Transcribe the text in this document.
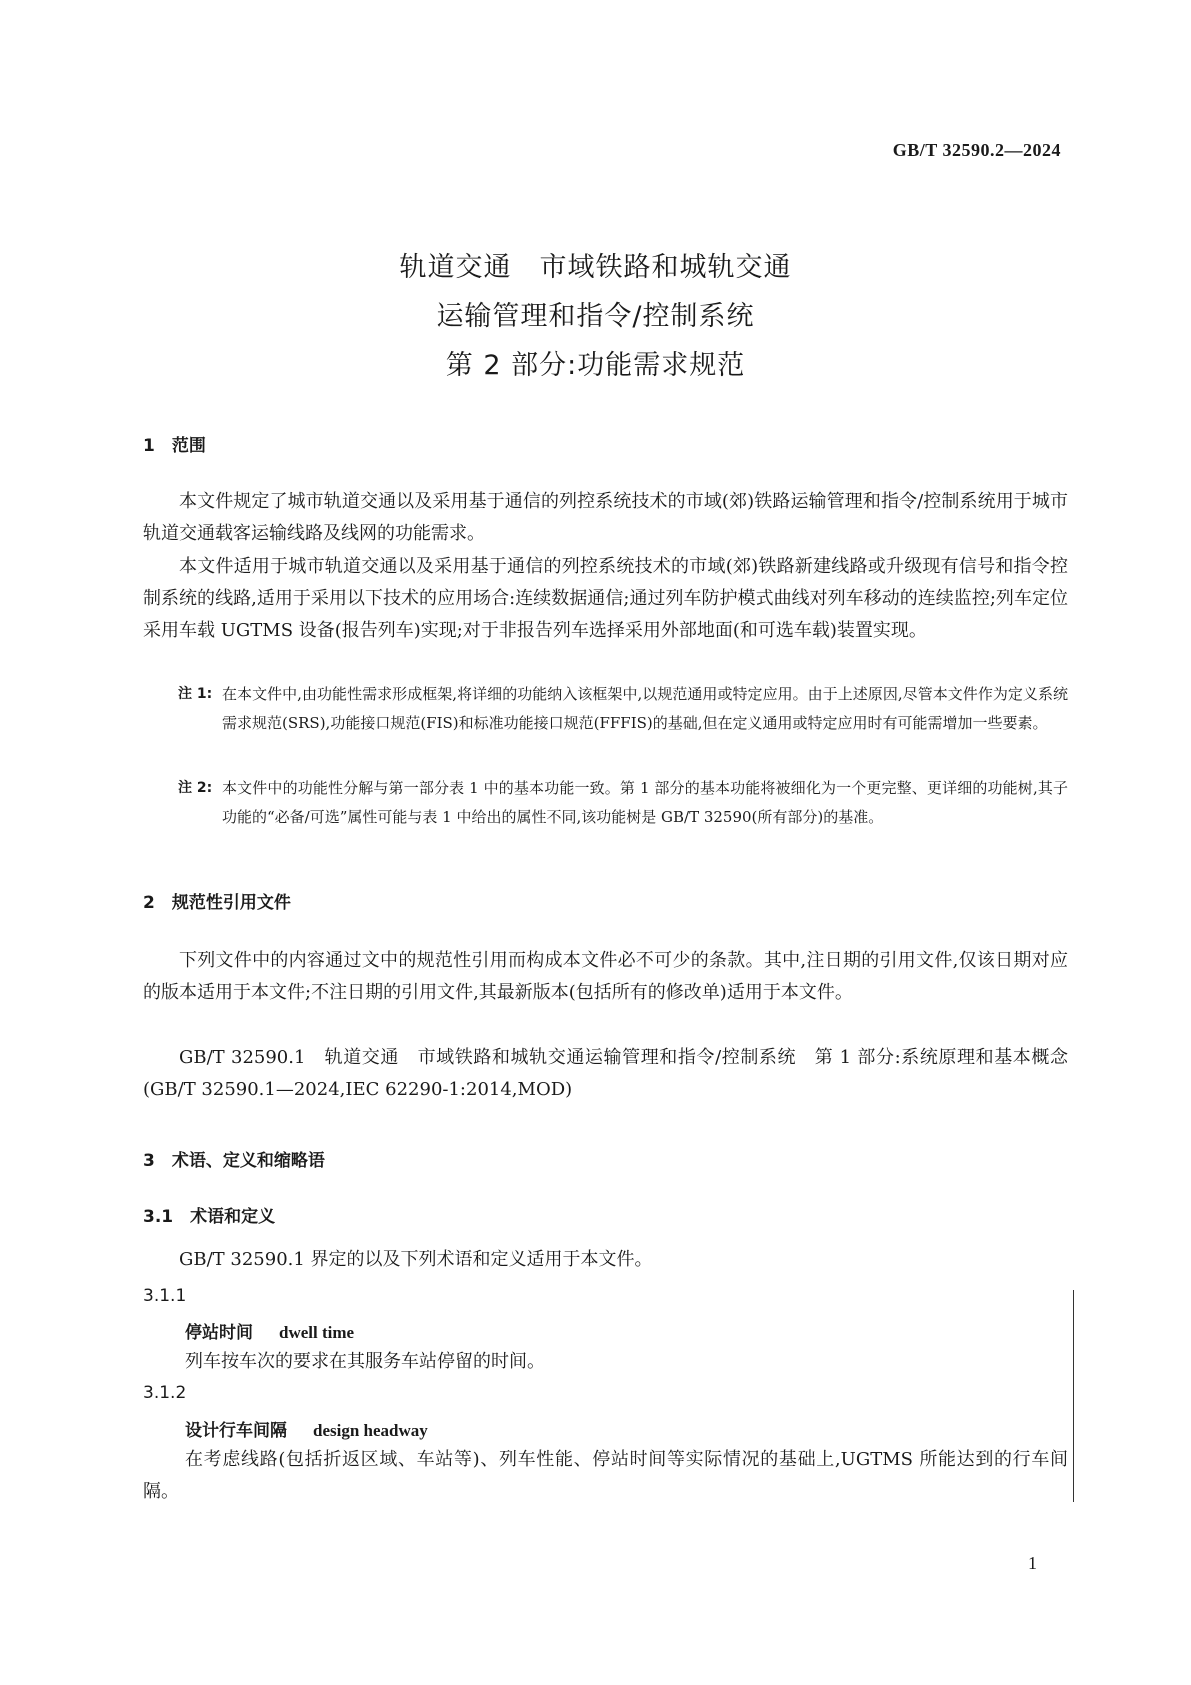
GB/T 32590.2—2024
轨道交通　市域铁路和城轨交通
运输管理和指令/控制系统
第 2 部分:功能需求规范
1　范围
本文件规定了城市轨道交通以及采用基于通信的列控系统技术的市域(郊)铁路运输管理和指令/控制系统用于城市轨道交通载客运输线路及线网的功能需求。
本文件适用于城市轨道交通以及采用基于通信的列控系统技术的市域(郊)铁路新建线路或升级现有信号和指令控制系统的线路,适用于采用以下技术的应用场合:连续数据通信;通过列车防护模式曲线对列车移动的连续监控;列车定位采用车载 UGTMS 设备(报告列车)实现;对于非报告列车选择采用外部地面(和可选车载)装置实现。
注 1: 在本文件中,由功能性需求形成框架,将详细的功能纳入该框架中,以规范通用或特定应用。由于上述原因,尽管本文件作为定义系统需求规范(SRS),功能接口规范(FIS)和标准功能接口规范(FFFIS)的基础,但在定义通用或特定应用时有可能需增加一些要素。
注 2: 本文件中的功能性分解与第一部分表 1 中的基本功能一致。第 1 部分的基本功能将被细化为一个更完整、更详细的功能树,其子功能的“必备/可选”属性可能与表 1 中给出的属性不同,该功能树是 GB/T 32590(所有部分)的基准。
2　规范性引用文件
下列文件中的内容通过文中的规范性引用而构成本文件必不可少的条款。其中,注日期的引用文件,仅该日期对应的版本适用于本文件;不注日期的引用文件,其最新版本(包括所有的修改单)适用于本文件。
GB/T 32590.1　轨道交通　市域铁路和城轨交通运输管理和指令/控制系统　第 1 部分:系统原理和基本概念(GB/T 32590.1—2024,IEC 62290-1:2014,MOD)
3　术语、定义和缩略语
3.1　术语和定义
GB/T 32590.1 界定的以及下列术语和定义适用于本文件。
3.1.1
停站时间 dwell time
列车按车次的要求在其服务车站停留的时间。
3.1.2
设计行车间隔 design headway
在考虑线路(包括折返区域、车站等)、列车性能、停站时间等实际情况的基础上,UGTMS 所能达到的行车间隔。
1
